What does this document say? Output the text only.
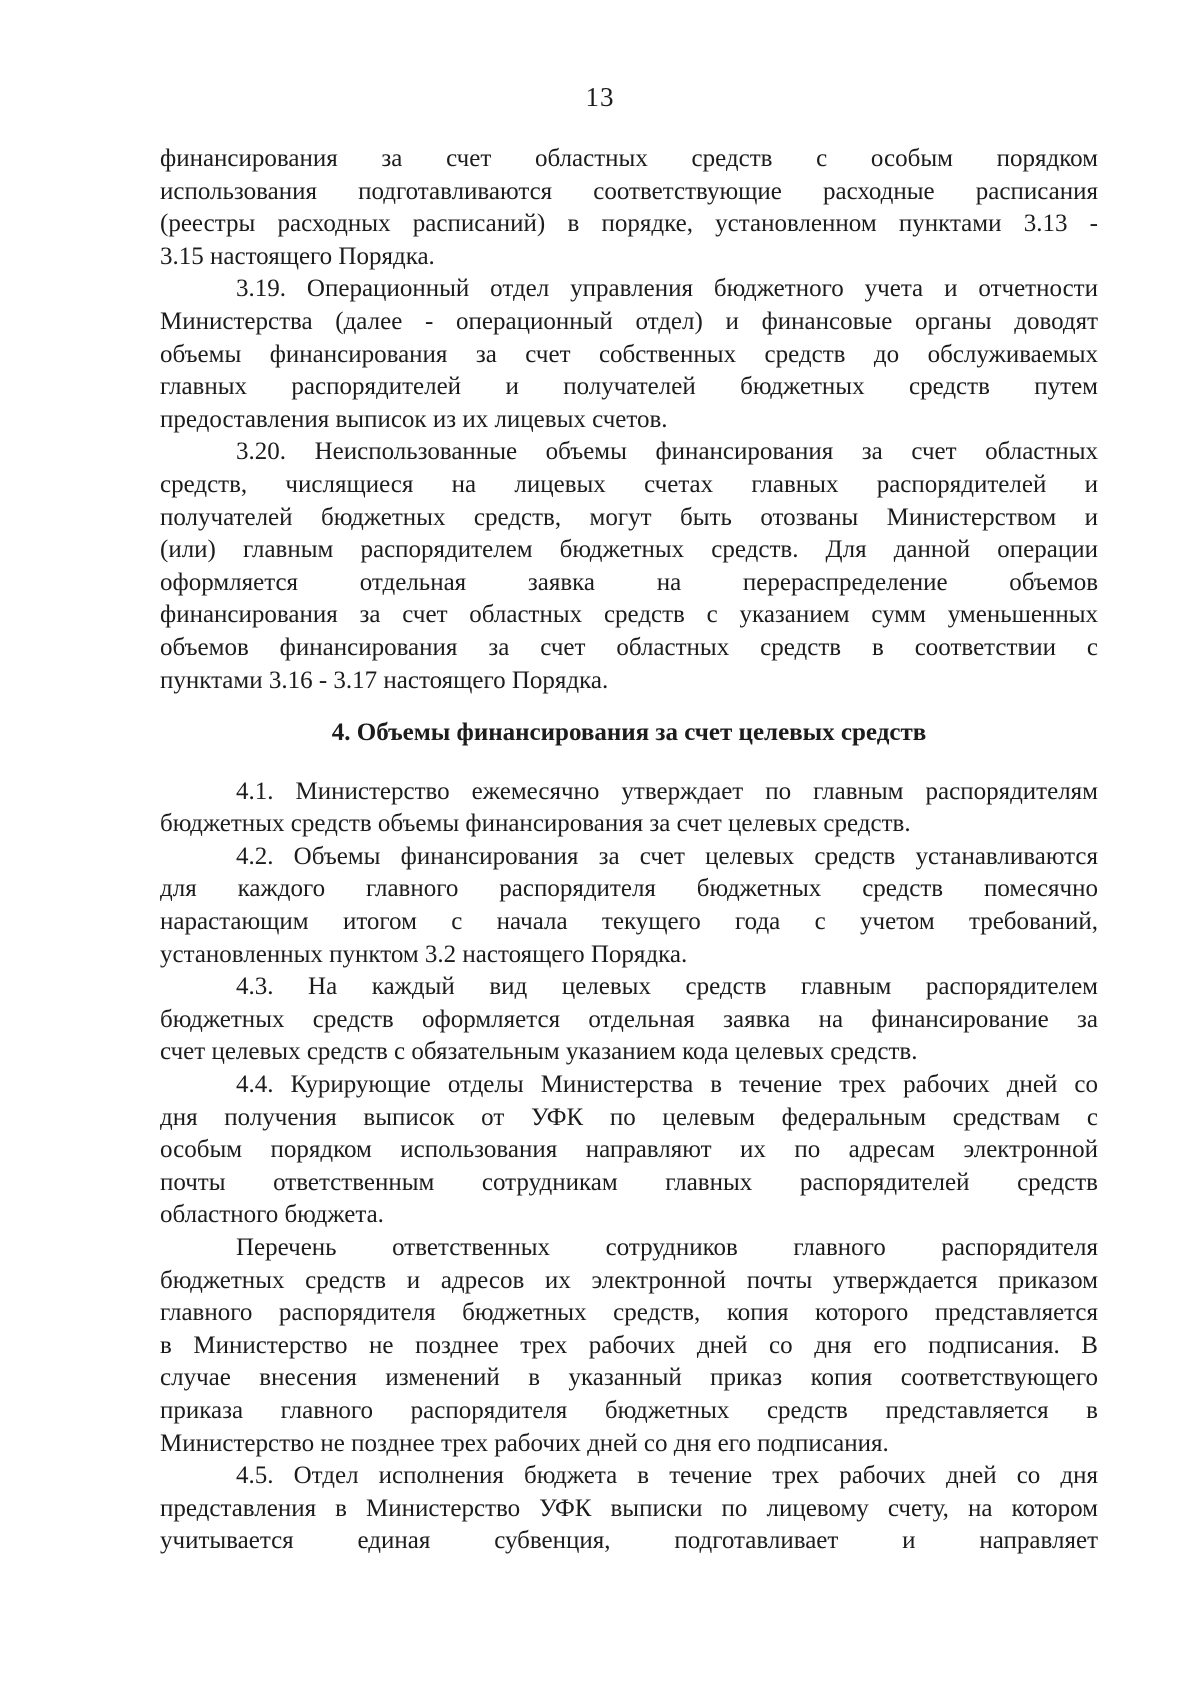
13
финансирования за счет областных средств с особым порядком
использования подготавливаются соответствующие расходные расписания
(реестры расходных расписаний) в порядке, установленном пунктами 3.13 -
3.15 настоящего Порядка.
3.19. Операционный отдел управления бюджетного учета и отчетности
Министерства (далее - операционный отдел) и финансовые органы доводят
объемы финансирования за счет собственных средств до обслуживаемых
главных распорядителей и получателей бюджетных средств путем
предоставления выписок из их лицевых счетов.
3.20. Неиспользованные объемы финансирования за счет областных
средств, числящиеся на лицевых счетах главных распорядителей и
получателей бюджетных средств, могут быть отозваны Министерством и
(или) главным распорядителем бюджетных средств. Для данной операции
оформляется отдельная заявка на перераспределение объемов
финансирования за счет областных средств с указанием сумм уменьшенных
объемов финансирования за счет областных средств в соответствии с
пунктами 3.16 - 3.17 настоящего Порядка.
4. Объемы финансирования за счет целевых средств
4.1. Министерство ежемесячно утверждает по главным распорядителям
бюджетных средств объемы финансирования за счет целевых средств.
4.2. Объемы финансирования за счет целевых средств устанавливаются
для каждого главного распорядителя бюджетных средств помесячно
нарастающим итогом с начала текущего года с учетом требований,
установленных пунктом 3.2 настоящего Порядка.
4.3. На каждый вид целевых средств главным распорядителем
бюджетных средств оформляется отдельная заявка на финансирование за
счет целевых средств с обязательным указанием кода целевых средств.
4.4. Курирующие отделы Министерства в течение трех рабочих дней со
дня получения выписок от УФК по целевым федеральным средствам с
особым порядком использования направляют их по адресам электронной
почты ответственным сотрудникам главных распорядителей средств
областного бюджета.
Перечень ответственных сотрудников главного распорядителя
бюджетных средств и адресов их электронной почты утверждается приказом
главного распорядителя бюджетных средств, копия которого представляется
в Министерство не позднее трех рабочих дней со дня его подписания. В
случае внесения изменений в указанный приказ копия соответствующего
приказа главного распорядителя бюджетных средств представляется в
Министерство не позднее трех рабочих дней со дня его подписания.
4.5. Отдел исполнения бюджета в течение трех рабочих дней со дня
представления в Министерство УФК выписки по лицевому счету, на котором
учитывается единая субвенция, подготавливает и направляет
